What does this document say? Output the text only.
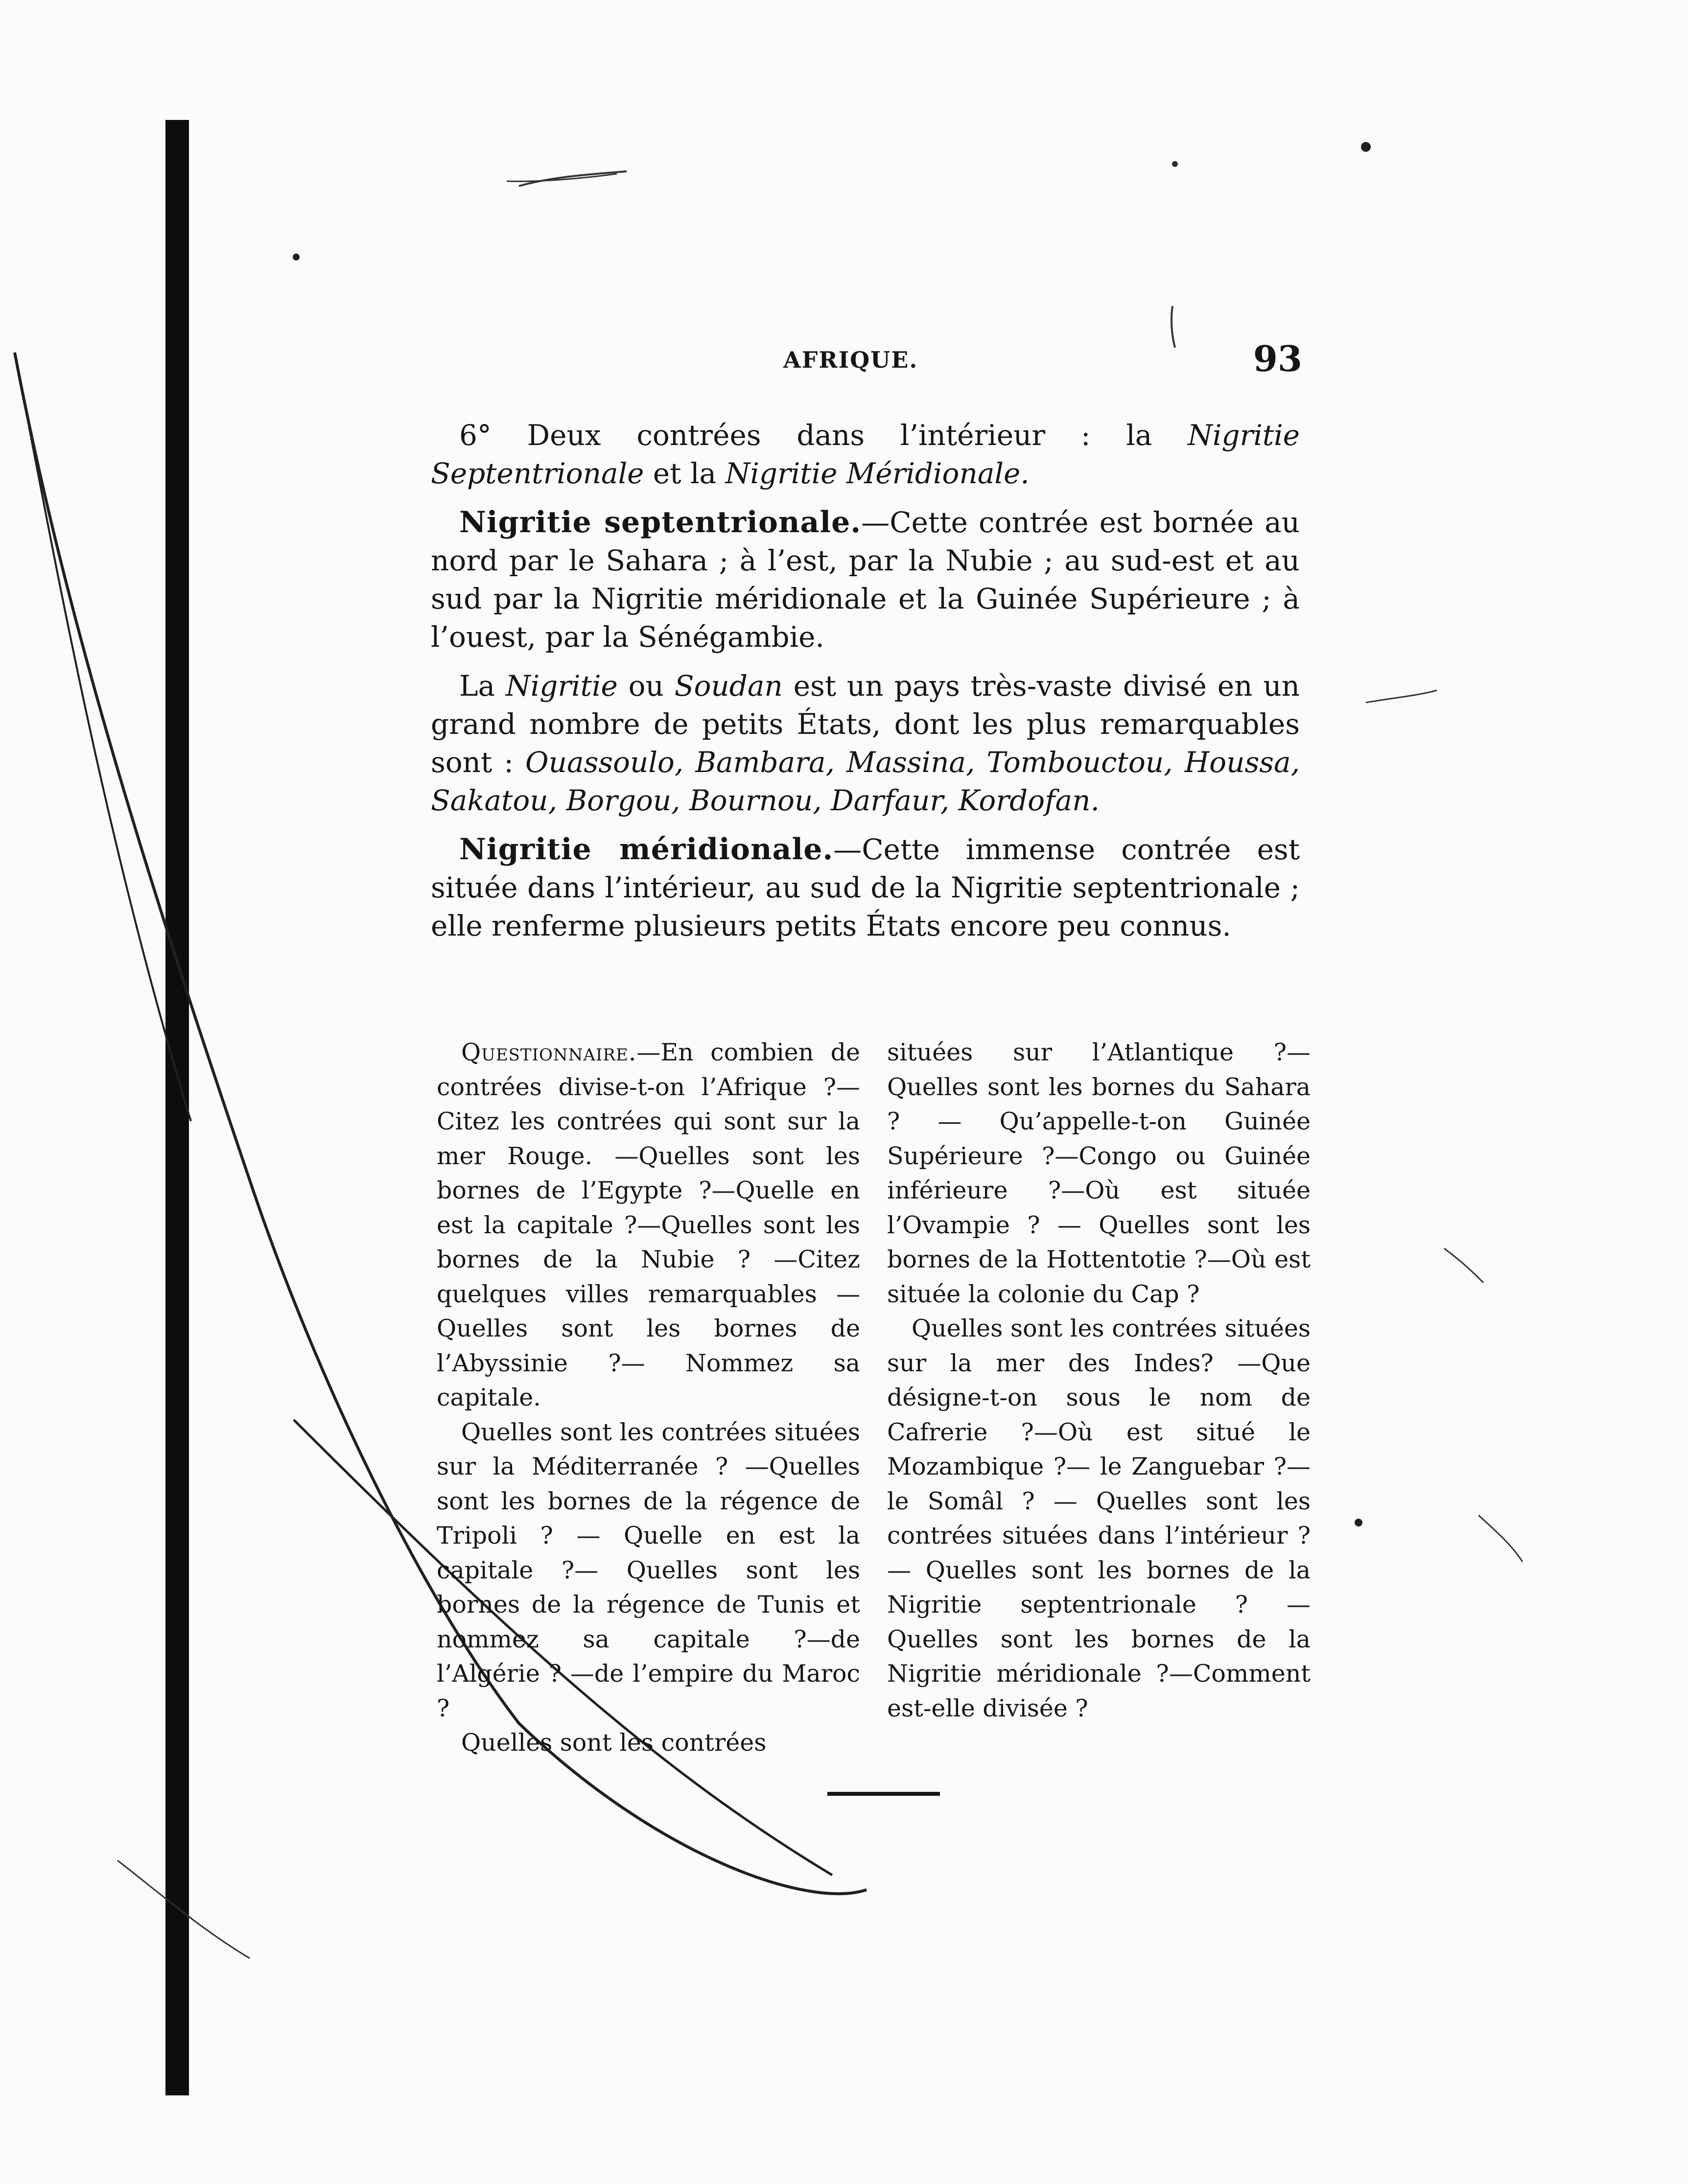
AFRIQUE.	93

6° Deux contrées dans l’intérieur : la Nigritie Septentrionale et la Nigritie Méridionale.

Nigritie septentrionale.—Cette contrée est bornée au nord par le Sahara ; à l’est, par la Nubie ; au sud-est et au sud par la Nigritie méridionale et la Guinée Supérieure ; à l’ouest, par la Sénégambie.

La Nigritie ou Soudan est un pays très-vaste divisé en un grand nombre de petits États, dont les plus remarquables sont : Ouassoulo, Bambara, Massina, Tombouctou, Houssa, Sakatou, Borgou, Bournou, Darfaur, Kordofan.

Nigritie méridionale.—Cette immense contrée est située dans l’intérieur, au sud de la Nigritie septentrionale ; elle renferme plusieurs petits États encore peu connus.

Questionnaire.—En combien de contrées divise-t-on l’Afrique ?— Citez les contrées qui sont sur la mer Rouge. —Quelles sont les bornes de l’Egypte ?—Quelle en est la capitale ?—Quelles sont les bornes de la Nubie ? —Citez quelques villes remarquables — Quelles sont les bornes de l’Abyssinie ?— Nommez sa capitale.

Quelles sont les contrées situées sur la Méditerranée ? —Quelles sont les bornes de la régence de Tripoli ? — Quelle en est la capitale ?— Quelles sont les bornes de la régence de Tunis et nommez sa capitale ?—de l’Algérie ? —de l’empire du Maroc ?

Quelles sont les contrées

situées sur l’Atlantique ?— Quelles sont les bornes du Sahara ? — Qu’appelle-t-on Guinée Supérieure ?—Congo ou Guinée inférieure ?—Où est située l’Ovampie ? — Quelles sont les bornes de la Hottentotie ?—Où est située la colonie du Cap ?

Quelles sont les contrées situées sur la mer des Indes? —Que désigne-t-on sous le nom de Cafrerie ?—Où est situé le Mozambique ?— le Zanguebar ?—le Somâl ? — Quelles sont les contrées situées dans l’intérieur ? — Quelles sont les bornes de la Nigritie septentrionale ? — Quelles sont les bornes de la Nigritie méridionale ?—Comment est-elle divisée ?
